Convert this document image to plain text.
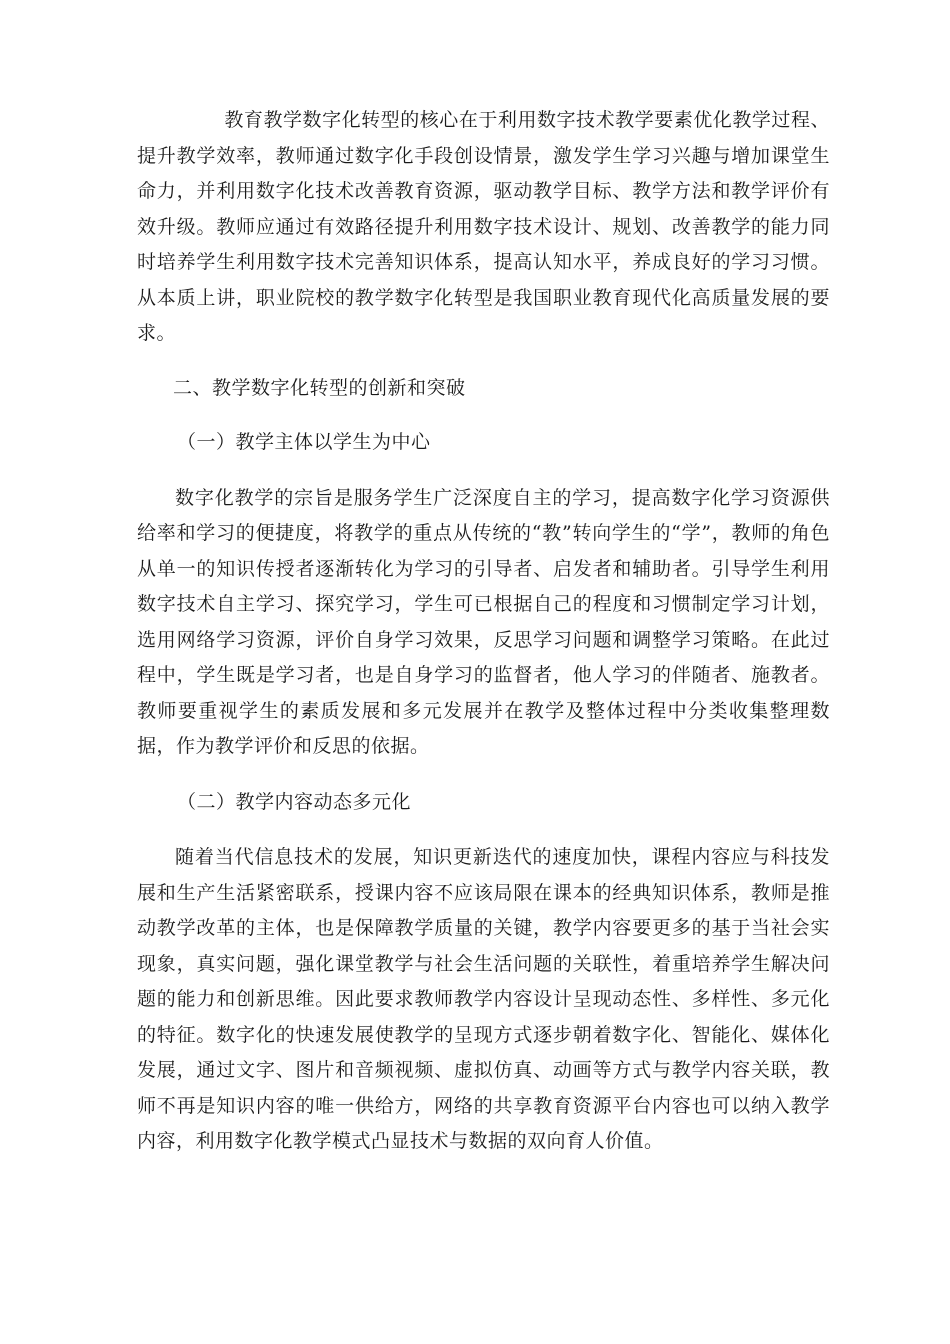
教育教学数字化转型的核心在于利用数字技术教学要素优化教学过程、提升教学效率，教师通过数字化手段创设情景，激发学生学习兴趣与增加课堂生命力，并利用数字化技术改善教育资源，驱动教学目标、教学方法和教学评价有效升级。教师应通过有效路径提升利用数字技术设计、规划、改善教学的能力同时培养学生利用数字技术完善知识体系，提高认知水平，养成良好的学习习惯。从本质上讲，职业院校的教学数字化转型是我国职业教育现代化高质量发展的要求。

二、教学数字化转型的创新和突破

（一）教学主体以学生为中心

数字化教学的宗旨是服务学生广泛深度自主的学习，提高数字化学习资源供给率和学习的便捷度，将教学的重点从传统的“教”转向学生的“学”，教师的角色从单一的知识传授者逐渐转化为学习的引导者、启发者和辅助者。引导学生利用数字技术自主学习、探究学习，学生可已根据自己的程度和习惯制定学习计划，选用网络学习资源，评价自身学习效果，反思学习问题和调整学习策略。在此过程中，学生既是学习者，也是自身学习的监督者，他人学习的伴随者、施教者。教师要重视学生的素质发展和多元发展并在教学及整体过程中分类收集整理数据，作为教学评价和反思的依据。

（二）教学内容动态多元化

随着当代信息技术的发展，知识更新迭代的速度加快，课程内容应与科技发展和生产生活紧密联系，授课内容不应该局限在课本的经典知识体系，教师是推动教学改革的主体，也是保障教学质量的关键，教学内容要更多的基于当社会实现象，真实问题，强化课堂教学与社会生活问题的关联性，着重培养学生解决问题的能力和创新思维。因此要求教师教学内容设计呈现动态性、多样性、多元化的特征。数字化的快速发展使教学的呈现方式逐步朝着数字化、智能化、媒体化发展，通过文字、图片和音频视频、虚拟仿真、动画等方式与教学内容关联，教师不再是知识内容的唯一供给方，网络的共享教育资源平台内容也可以纳入教学内容，利用数字化教学模式凸显技术与数据的双向育人价值。
